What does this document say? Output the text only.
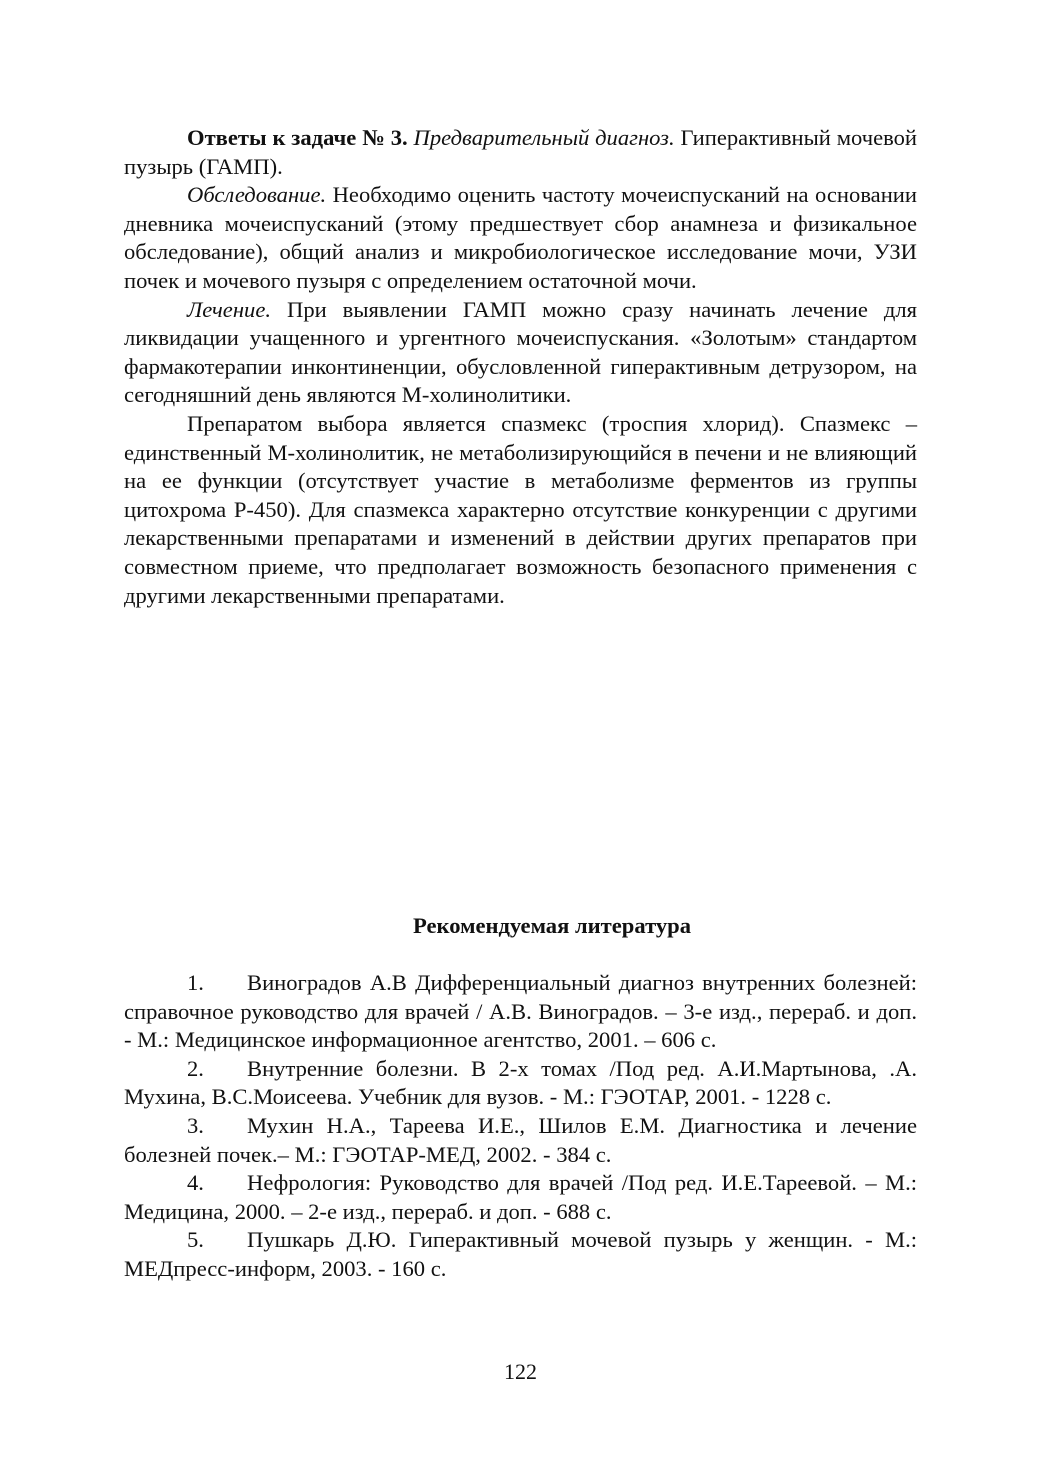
Ответы к задаче № 3. Предварительный диагноз. Гиперактивный мочевой пузырь (ГАМП).

Обследование. Необходимо оценить частоту мочеиспусканий на основании дневника мочеиспусканий (этому предшествует сбор анамнеза и физикальное обследование), общий анализ и микробиологическое исследование мочи, УЗИ почек и мочевого пузыря с определением остаточной мочи.

Лечение. При выявлении ГАМП можно сразу начинать лечение для ликвидации учащенного и ургентного мочеиспускания. «Золотым» стандартом фармакотерапии инконтиненции, обусловленной гиперактивным детрузором, на сегодняшний день являются М-холинолитики.

Препаратом выбора является спазмекс (троспия хлорид). Спазмекс – единственный М-холинолитик, не метаболизирующийся в печени и не влияющий на ее функции (отсутствует участие в метаболизме ферментов из группы цитохрома Р-450). Для спазмекса характерно отсутствие конкуренции с другими лекарственными препаратами и изменений в действии других препаратов при совместном приеме, что предполагает возможность безопасного применения с другими лекарственными препаратами.

Рекомендуемая литература

1. Виноградов А.В Дифференциальный диагноз внутренних болезней: справочное руководство для врачей / А.В. Виноградов. – 3-е изд., перераб. и доп. - М.: Медицинское информационное агентство, 2001. – 606 с.

2. Внутренние болезни. В 2-х томах /Под ред. А.И.Мартынова, .А. Мухина, В.С.Моисеева. Учебник для вузов. - М.: ГЭОТАР, 2001. - 1228 с.

3. Мухин Н.А., Тареева И.Е., Шилов Е.М. Диагностика и лечение болезней почек.– М.: ГЭОТАР-МЕД, 2002. - 384 с.

4. Нефрология: Руководство для врачей /Под ред. И.Е.Тареевой. – М.: Медицина, 2000. – 2-е изд., перераб. и доп. - 688 с.

5. Пушкарь Д.Ю. Гиперактивный мочевой пузырь у женщин. - М.: МЕДпресс-информ, 2003. - 160 с.

122
